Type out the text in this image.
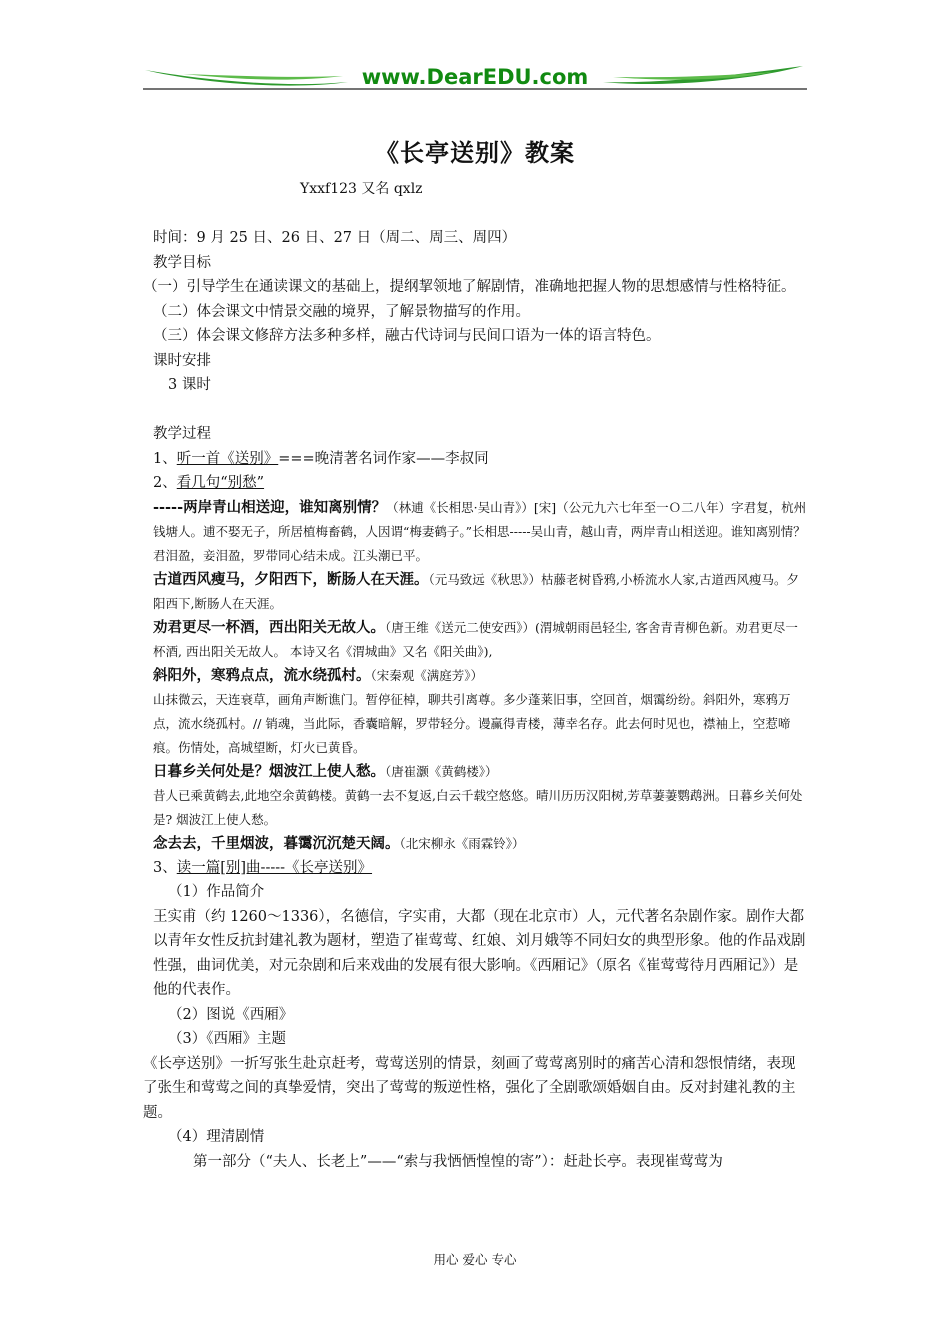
www.DearEDU.com
《长亭送别》教案
Yxxf123 又名 qxlz
时间：9 月 25 日、26 日、27 日（周二、周三、周四）
教学目标
（一）引导学生在通读课文的基础上，提纲挈领地了解剧情，准确地把握人物的思想感情与性格特征。
（二）体会课文中情景交融的境界，了解景物描写的作用。
（三）体会课文修辞方法多种多样，融古代诗词与民间口语为一体的语言特色。
课时安排
3 课时
教学过程
1、听一首《送别》===晚清著名词作家——李叔同
2、看几句“别愁”
-----两岸青山相送迎，谁知离别情？（林逋《长相思·吴山青》）[宋]（公元九六七年至一Ｏ二八年）字君复，杭州钱塘人。逋不娶无子，所居植梅畜鹤，人因谓“梅妻鹤子。”长相思-----吴山青，越山青，两岸青山相送迎。谁知离别情？ 君泪盈，妾泪盈，罗带同心结未成。江头潮已平。
古道西风瘦马，夕阳西下，断肠人在天涯。（元马致远《秋思》）枯藤老树昏鸦,小桥流水人家,古道西风瘦马。夕阳西下,断肠人在天涯。
劝君更尽一杯酒，西出阳关无故人。（唐王维《送元二使安西》）(渭城朝雨邑轻尘, 客舍青青柳色新。劝君更尽一杯酒, 西出阳关无故人。 本诗又名《渭城曲》又名《阳关曲》),
斜阳外，寒鸦点点，流水绕孤村。（宋秦观《满庭芳》）
山抹微云，天连衰草，画角声断谯门。暂停征棹，聊共引离尊。多少蓬莱旧事，空回首，烟霭纷纷。斜阳外，寒鸦万点，流水绕孤村。// 销魂，当此际，香囊暗解，罗带轻分。谩赢得青楼，薄幸名存。此去何时见也，襟袖上，空惹啼痕。伤情处，高城望断，灯火已黄昏。
日暮乡关何处是？烟波江上使人愁。（唐崔灏《黄鹤楼》）
昔人已乘黄鹤去,此地空余黄鹤楼。黄鹤一去不复返,白云千载空悠悠。晴川历历汉阳树,芳草萋萋鹦鹉洲。日暮乡关何处是? 烟波江上使人愁。
念去去，千里烟波，暮霭沉沉楚天阔。（北宋柳永《雨霖铃》）
3、读一篇[别]曲-----《长亭送别》
（1）作品简介
王实甫（约 1260～1336），名德信，字实甫，大都（现在北京市）人，元代著名杂剧作家。剧作大都以青年女性反抗封建礼教为题材，塑造了崔莺莺、红娘、刘月娥等不同妇女的典型形象。他的作品戏剧性强，曲词优美，对元杂剧和后来戏曲的发展有很大影响。《西厢记》（原名《崔莺莺待月西厢记》）是他的代表作。
（2）图说《西厢》
（3）《西厢》主题
《长亭送别》一折写张生赴京赶考，莺莺送别的情景，刻画了莺莺离别时的痛苦心清和怨恨情绪，表现了张生和莺莺之间的真挚爱情，突出了莺莺的叛逆性格，强化了全剧歌颂婚姻自由。反对封建礼教的主题。
（4）理清剧情
第一部分（“夫人、长老上”——“索与我恓恓惶惶的寄”）：赶赴长亭。表现崔莺莺为
用心 爱心 专心
